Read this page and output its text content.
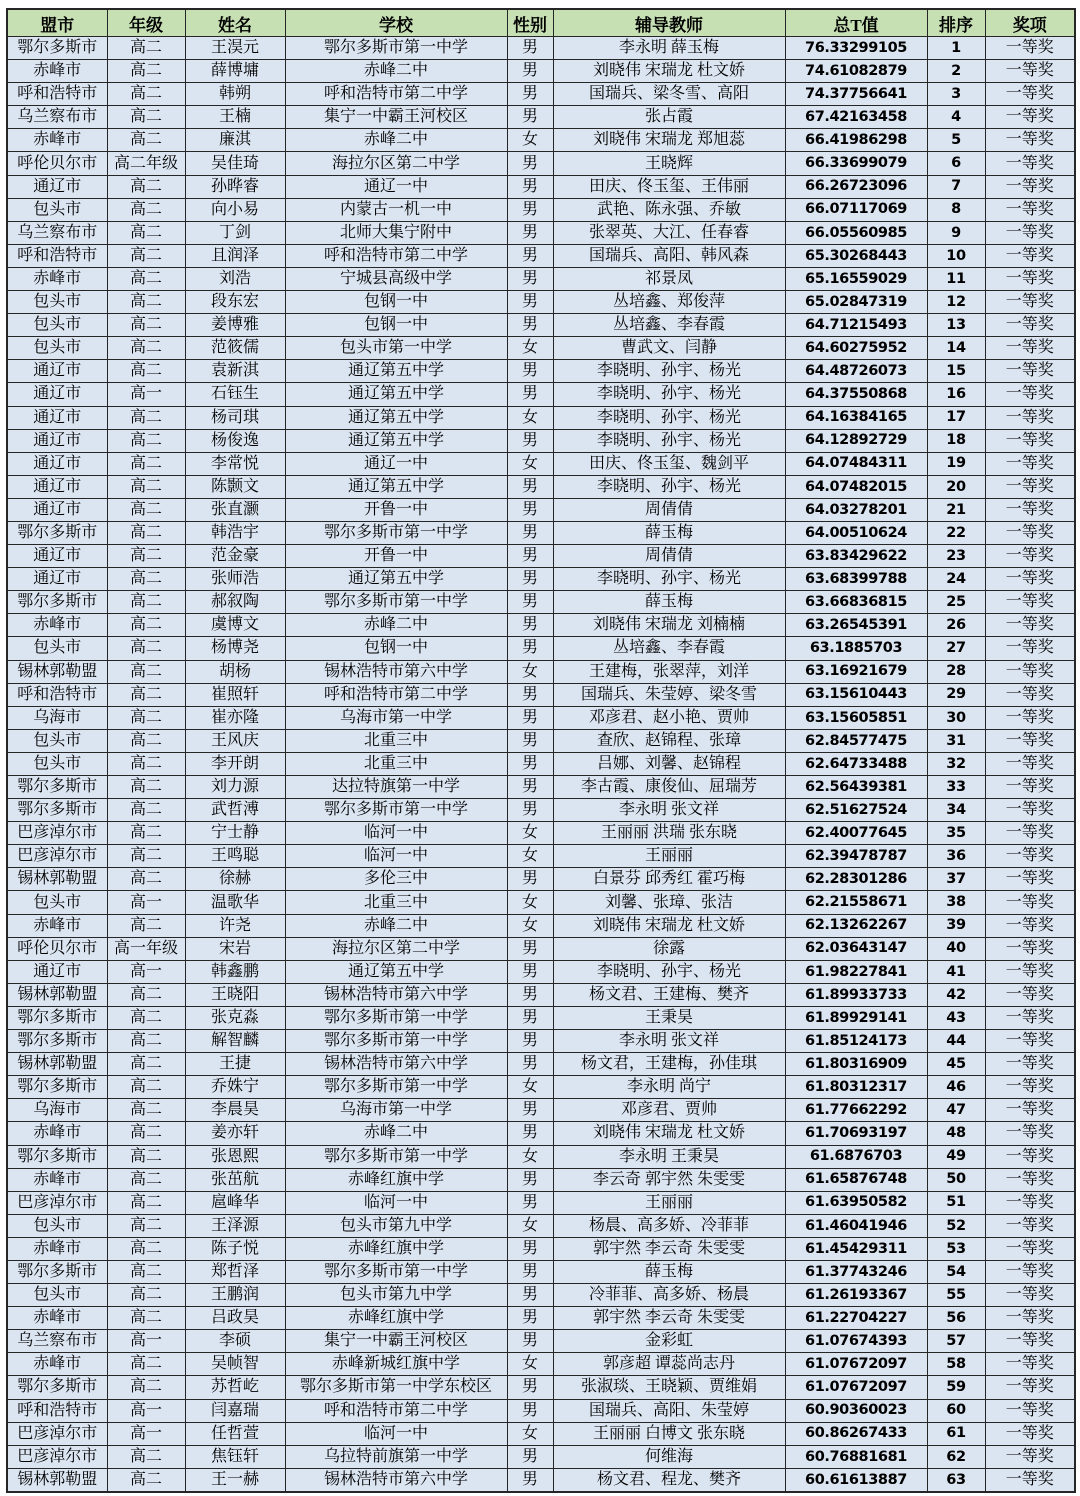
盟市	年级	姓名	学校	性别	辅导教师	总T值	排序	奖项
鄂尔多斯市	高二	王淏元	鄂尔多斯市第一中学	男	李永明 薛玉梅	76.33299105	1	一等奖
赤峰市	高二	薛博墉	赤峰二中	男	刘晓伟 宋瑞龙 杜文娇	74.61082879	2	一等奖
呼和浩特市	高二	韩朔	呼和浩特市第二中学	男	国瑞兵、梁冬雪、高阳	74.37756641	3	一等奖
乌兰察布市	高二	王楠	集宁一中霸王河校区	男	张占霞	67.42163458	4	一等奖
赤峰市	高二	廉淇	赤峰二中	女	刘晓伟 宋瑞龙 郑旭蕊	66.41986298	5	一等奖
呼伦贝尔市	高二年级	吴佳琦	海拉尔区第二中学	男	王晓辉	66.33699079	6	一等奖
通辽市	高二	孙晔睿	通辽一中	男	田庆、佟玉玺、王伟丽	66.26723096	7	一等奖
包头市	高二	向小易	内蒙古一机一中	男	武艳、陈永强、乔敏	66.07117069	8	一等奖
乌兰察布市	高二	丁剑	北师大集宁附中	男	张翠英、大江、任春睿	66.05560985	9	一等奖
呼和浩特市	高二	且润泽	呼和浩特市第二中学	男	国瑞兵、高阳、韩风森	65.30268443	10	一等奖
赤峰市	高二	刘浩	宁城县高级中学	男	祁景凤	65.16559029	11	一等奖
包头市	高二	段东宏	包钢一中	男	丛培鑫、郑俊萍	65.02847319	12	一等奖
包头市	高二	姜博雅	包钢一中	男	丛培鑫、李春霞	64.71215493	13	一等奖
包头市	高二	范筱儒	包头市第一中学	女	曹武文、闫静	64.60275952	14	一等奖
通辽市	高二	袁新淇	通辽第五中学	男	李晓明、孙宇、杨光	64.48726073	15	一等奖
通辽市	高一	石钰生	通辽第五中学	男	李晓明、孙宇、杨光	64.37550868	16	一等奖
通辽市	高二	杨司琪	通辽第五中学	女	李晓明、孙宇、杨光	64.16384165	17	一等奖
通辽市	高二	杨俊逸	通辽第五中学	男	李晓明、孙宇、杨光	64.12892729	18	一等奖
通辽市	高二	李常悦	通辽一中	女	田庆、佟玉玺、魏剑平	64.07484311	19	一等奖
通辽市	高二	陈颢文	通辽第五中学	男	李晓明、孙宇、杨光	64.07482015	20	一等奖
通辽市	高二	张直灏	开鲁一中	男	周倩倩	64.03278201	21	一等奖
鄂尔多斯市	高二	韩浩宇	鄂尔多斯市第一中学	男	薛玉梅	64.00510624	22	一等奖
通辽市	高二	范金豪	开鲁一中	男	周倩倩	63.83429622	23	一等奖
通辽市	高二	张师浩	通辽第五中学	男	李晓明、孙宇、杨光	63.68399788	24	一等奖
鄂尔多斯市	高二	郝叙陶	鄂尔多斯市第一中学	男	薛玉梅	63.66836815	25	一等奖
赤峰市	高二	虞博文	赤峰二中	男	刘晓伟 宋瑞龙 刘楠楠	63.26545391	26	一等奖
包头市	高二	杨博尧	包钢一中	男	丛培鑫、李春霞	63.1885703	27	一等奖
锡林郭勒盟	高二	胡杨	锡林浩特市第六中学	女	王建梅，张翠萍，刘洋	63.16921679	28	一等奖
呼和浩特市	高二	崔照轩	呼和浩特市第二中学	男	国瑞兵、朱莹婷、梁冬雪	63.15610443	29	一等奖
乌海市	高二	崔亦隆	乌海市第一中学	男	邓彦君、赵小艳、贾帅	63.15605851	30	一等奖
包头市	高二	王风庆	北重三中	男	查欣、赵锦程、张璋	62.84577475	31	一等奖
包头市	高二	李开朗	北重三中	男	吕娜、刘馨、赵锦程	62.64733488	32	一等奖
鄂尔多斯市	高二	刘力源	达拉特旗第一中学	男	李古霞、康俊仙、屈瑞芳	62.56439381	33	一等奖
鄂尔多斯市	高二	武哲溥	鄂尔多斯市第一中学	男	李永明 张文祥	62.51627524	34	一等奖
巴彦淖尔市	高二	宁士静	临河一中	女	王丽丽 洪瑞 张东晓	62.40077645	35	一等奖
巴彦淖尔市	高二	王鸣聪	临河一中	女	王丽丽	62.39478787	36	一等奖
锡林郭勒盟	高二	徐赫	多伦三中	男	白景芬 邱秀红 霍巧梅	62.28301286	37	一等奖
包头市	高一	温歌华	北重三中	女	刘馨、张璋、张洁	62.21558671	38	一等奖
赤峰市	高二	许尧	赤峰二中	女	刘晓伟 宋瑞龙 杜文娇	62.13262267	39	一等奖
呼伦贝尔市	高一年级	宋岩	海拉尔区第二中学	男	徐露	62.03643147	40	一等奖
通辽市	高一	韩鑫鹏	通辽第五中学	男	李晓明、孙宇、杨光	61.98227841	41	一等奖
锡林郭勒盟	高二	王晓阳	锡林浩特市第六中学	男	杨文君、王建梅、樊齐	61.89933733	42	一等奖
鄂尔多斯市	高二	张克淼	鄂尔多斯市第一中学	男	王秉昊	61.89929141	43	一等奖
鄂尔多斯市	高二	解智麟	鄂尔多斯市第一中学	男	李永明 张文祥	61.85124173	44	一等奖
锡林郭勒盟	高二	王捷	锡林浩特市第六中学	男	杨文君，王建梅，孙佳琪	61.80316909	45	一等奖
鄂尔多斯市	高二	乔姝宁	鄂尔多斯市第一中学	女	李永明 尚宁	61.80312317	46	一等奖
乌海市	高二	李晨昊	乌海市第一中学	男	邓彦君、贾帅	61.77662292	47	一等奖
赤峰市	高二	姜亦轩	赤峰二中	男	刘晓伟 宋瑞龙 杜文娇	61.70693197	48	一等奖
鄂尔多斯市	高二	张恩熙	鄂尔多斯市第一中学	女	李永明 王秉昊	61.6876703	49	一等奖
赤峰市	高二	张茁航	赤峰红旗中学	男	李云奇 郭宇然 朱雯雯	61.65876748	50	一等奖
巴彦淖尔市	高二	扈峰华	临河一中	男	王丽丽	61.63950582	51	一等奖
包头市	高二	王泽源	包头市第九中学	女	杨晨、高多娇、冷菲菲	61.46041946	52	一等奖
赤峰市	高二	陈子悦	赤峰红旗中学	男	郭宇然 李云奇 朱雯雯	61.45429311	53	一等奖
鄂尔多斯市	高二	郑哲泽	鄂尔多斯市第一中学	男	薛玉梅	61.37743246	54	一等奖
包头市	高二	王鹏润	包头市第九中学	男	冷菲菲、高多娇、杨晨	61.26193367	55	一等奖
赤峰市	高二	吕政昊	赤峰红旗中学	男	郭宇然 李云奇 朱雯雯	61.22704227	56	一等奖
乌兰察布市	高一	李硕	集宁一中霸王河校区	男	金彩虹	61.07674393	57	一等奖
赤峰市	高二	吴帧智	赤峰新城红旗中学	女	郭彦超 谭蕊尚志丹	61.07672097	58	一等奖
鄂尔多斯市	高二	苏哲屹	鄂尔多斯市第一中学东校区	男	张淑琰、王晓颖、贾维娟	61.07672097	59	一等奖
呼和浩特市	高一	闫嘉瑞	呼和浩特市第二中学	男	国瑞兵、高阳、朱莹婷	60.90360023	60	一等奖
巴彦淖尔市	高一	任哲萱	临河一中	女	王丽丽 白博文 张东晓	60.86267433	61	一等奖
巴彦淖尔市	高二	焦钰轩	乌拉特前旗第一中学	男	何维海	60.76881681	62	一等奖
锡林郭勒盟	高二	王一赫	锡林浩特市第六中学	男	杨文君、程龙、樊齐	60.61613887	63	一等奖
